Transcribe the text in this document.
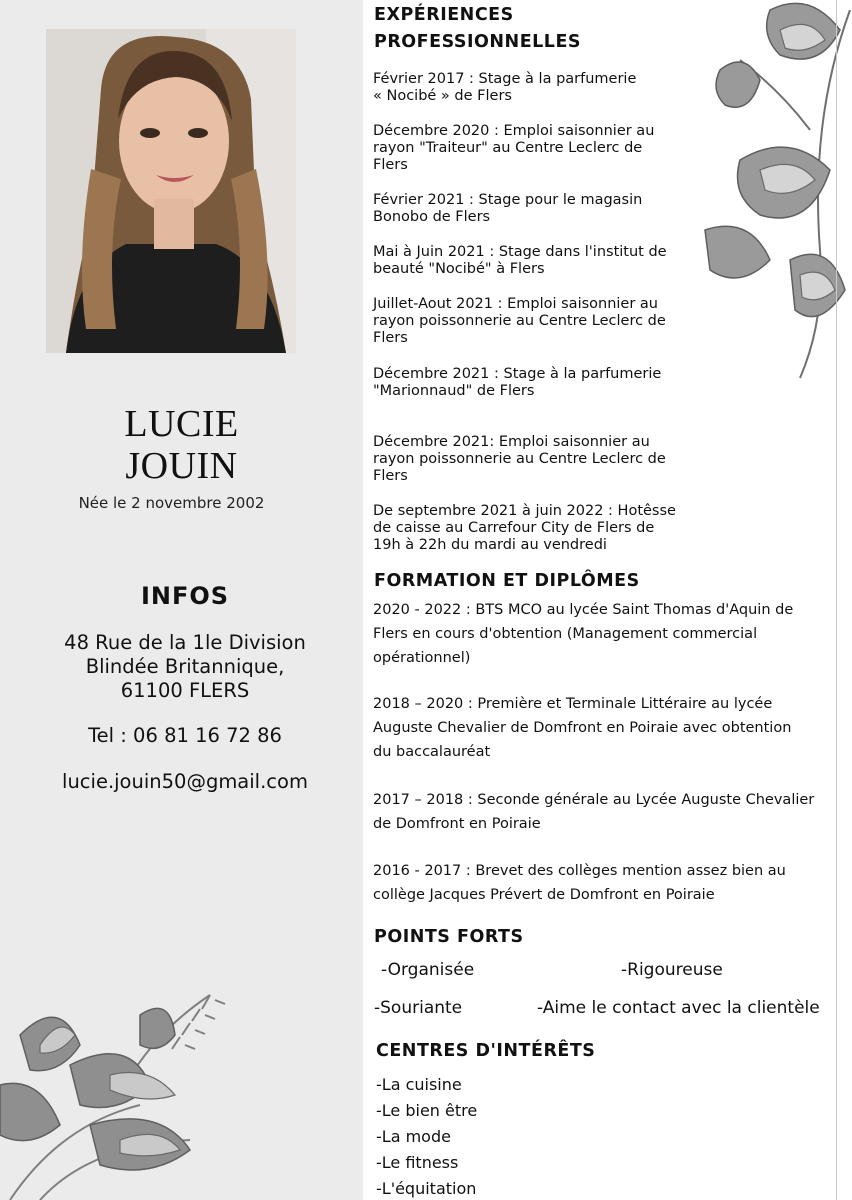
LUCIE
JOUIN
Née le 2 novembre 2002
INFOS
48 Rue de la 1le Division
Blindée Britannique,
61100 FLERS
Tel : 06 81 16 72 86
lucie.jouin50@gmail.com
EXPÉRIENCES
PROFESSIONNELLES
Février 2017 : Stage à la parfumerie
« Nocibé » de Flers
Décembre 2020 : Emploi saisonnier au
rayon "Traiteur" au Centre Leclerc de
Flers
Février 2021 : Stage pour le magasin
Bonobo de Flers
Mai à Juin 2021 : Stage dans l'institut de
beauté "Nocibé" à Flers
Juillet-Aout 2021 : Emploi saisonnier au
rayon poissonnerie au Centre Leclerc de
Flers
Décembre 2021 : Stage à la parfumerie
"Marionnaud" de Flers
Décembre 2021: Emploi saisonnier au
rayon poissonnerie au Centre Leclerc de
Flers
De septembre 2021 à juin 2022 : Hotêsse
de caisse au Carrefour City de Flers de
19h à 22h du mardi au vendredi
FORMATION ET DIPLÔMES
2020 - 2022 : BTS MCO au lycée Saint Thomas d'Aquin de
Flers en cours d'obtention (Management commercial
opérationnel)
2018 – 2020 : Première et Terminale Littéraire au lycée
Auguste Chevalier de Domfront en Poiraie avec obtention
du baccalauréat
2017 – 2018 : Seconde générale au Lycée Auguste Chevalier
de Domfront en Poiraie
2016 - 2017 : Brevet des collèges mention assez bien au
collège Jacques Prévert de Domfront en Poiraie
POINTS FORTS
-Organisée	-Rigoureuse
-Souriante	-Aime le contact avec la clientèle
CENTRES D'INTÉRÊTS
-La cuisine
-Le bien être
-La mode
-Le fitness
-L'équitation
